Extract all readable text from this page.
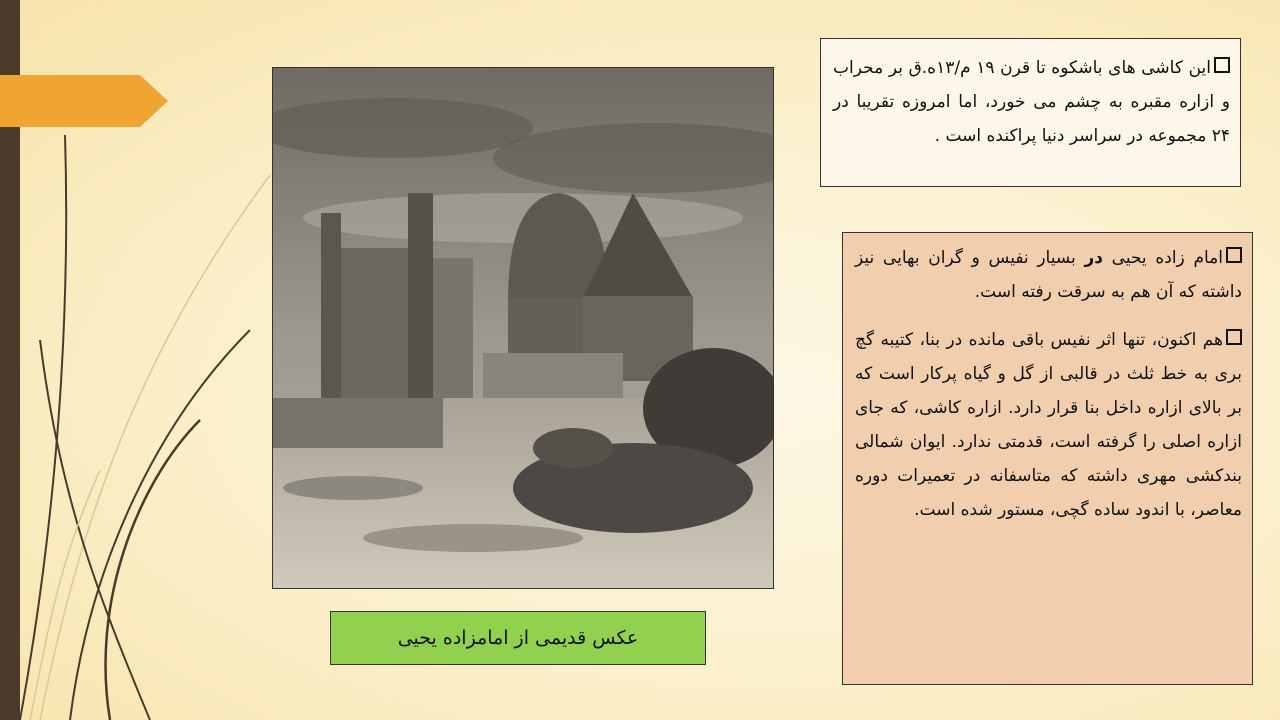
عکس قدیمی از امامزاده یحیی
این کاشی های باشکوه تا قرن ۱۹ م/۱۳ه.ق بر محراب و ازاره مقبره به چشم می خورد، اما امروزه تقریبا در ۲۴ مجموعه در سراسر دنیا پراکنده است .

امام زاده یحیی در بسیار نفیس و گران بهایی نیز داشته که آن هم به سرقت رفته است.

هم اکنون، تنها اثر نفیس باقی مانده در بنا، کتیبه گچ بری به خط ثلث در قالبی از گل و گیاه پرکار است که بر بالای ازاره داخل بنا قرار دارد. ازاره کاشی، که جای ازاره اصلی را گرفته است، قدمتی ندارد. ایوان شمالی بندکشی مهری داشته که متاسفانه در تعمیرات دوره معاصر، با اندود ساده گچی، مستور شده است.
